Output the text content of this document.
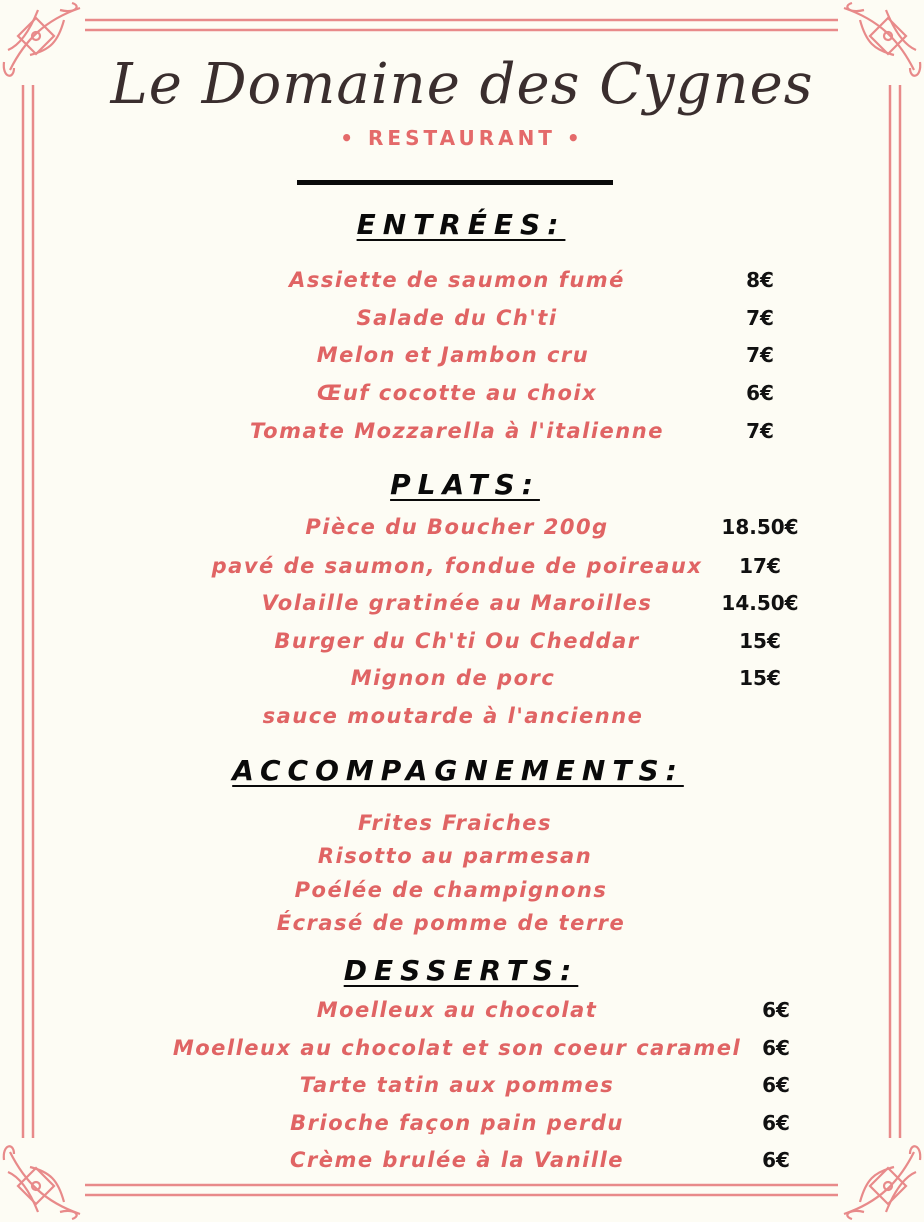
Le Domaine des Cygnes
• RESTAURANT •
ENTRÉES:
Assiette de saumon fumé	8€
Salade du Ch'ti	7€
Melon et Jambon cru	7€
Œuf cocotte au choix	6€
Tomate Mozzarella à l'italienne	7€
PLATS:
Pièce du Boucher 200g	18.50€
pavé de saumon, fondue de poireaux 17€
Volaille gratinée au Maroilles	14.50€
Burger du Ch'ti Ou Cheddar	15€
Mignon de porc	15€
sauce moutarde à l'ancienne
ACCOMPAGNEMENTS:
Frites Fraiches
Risotto au parmesan
Poélée de champignons
Écrasé de pomme de terre
DESSERTS:
Moelleux au chocolat	6€
Moelleux au chocolat et son coeur caramel 6€
Tarte tatin aux pommes	6€
Brioche façon pain perdu	6€
Crème brulée à la Vanille	6€
